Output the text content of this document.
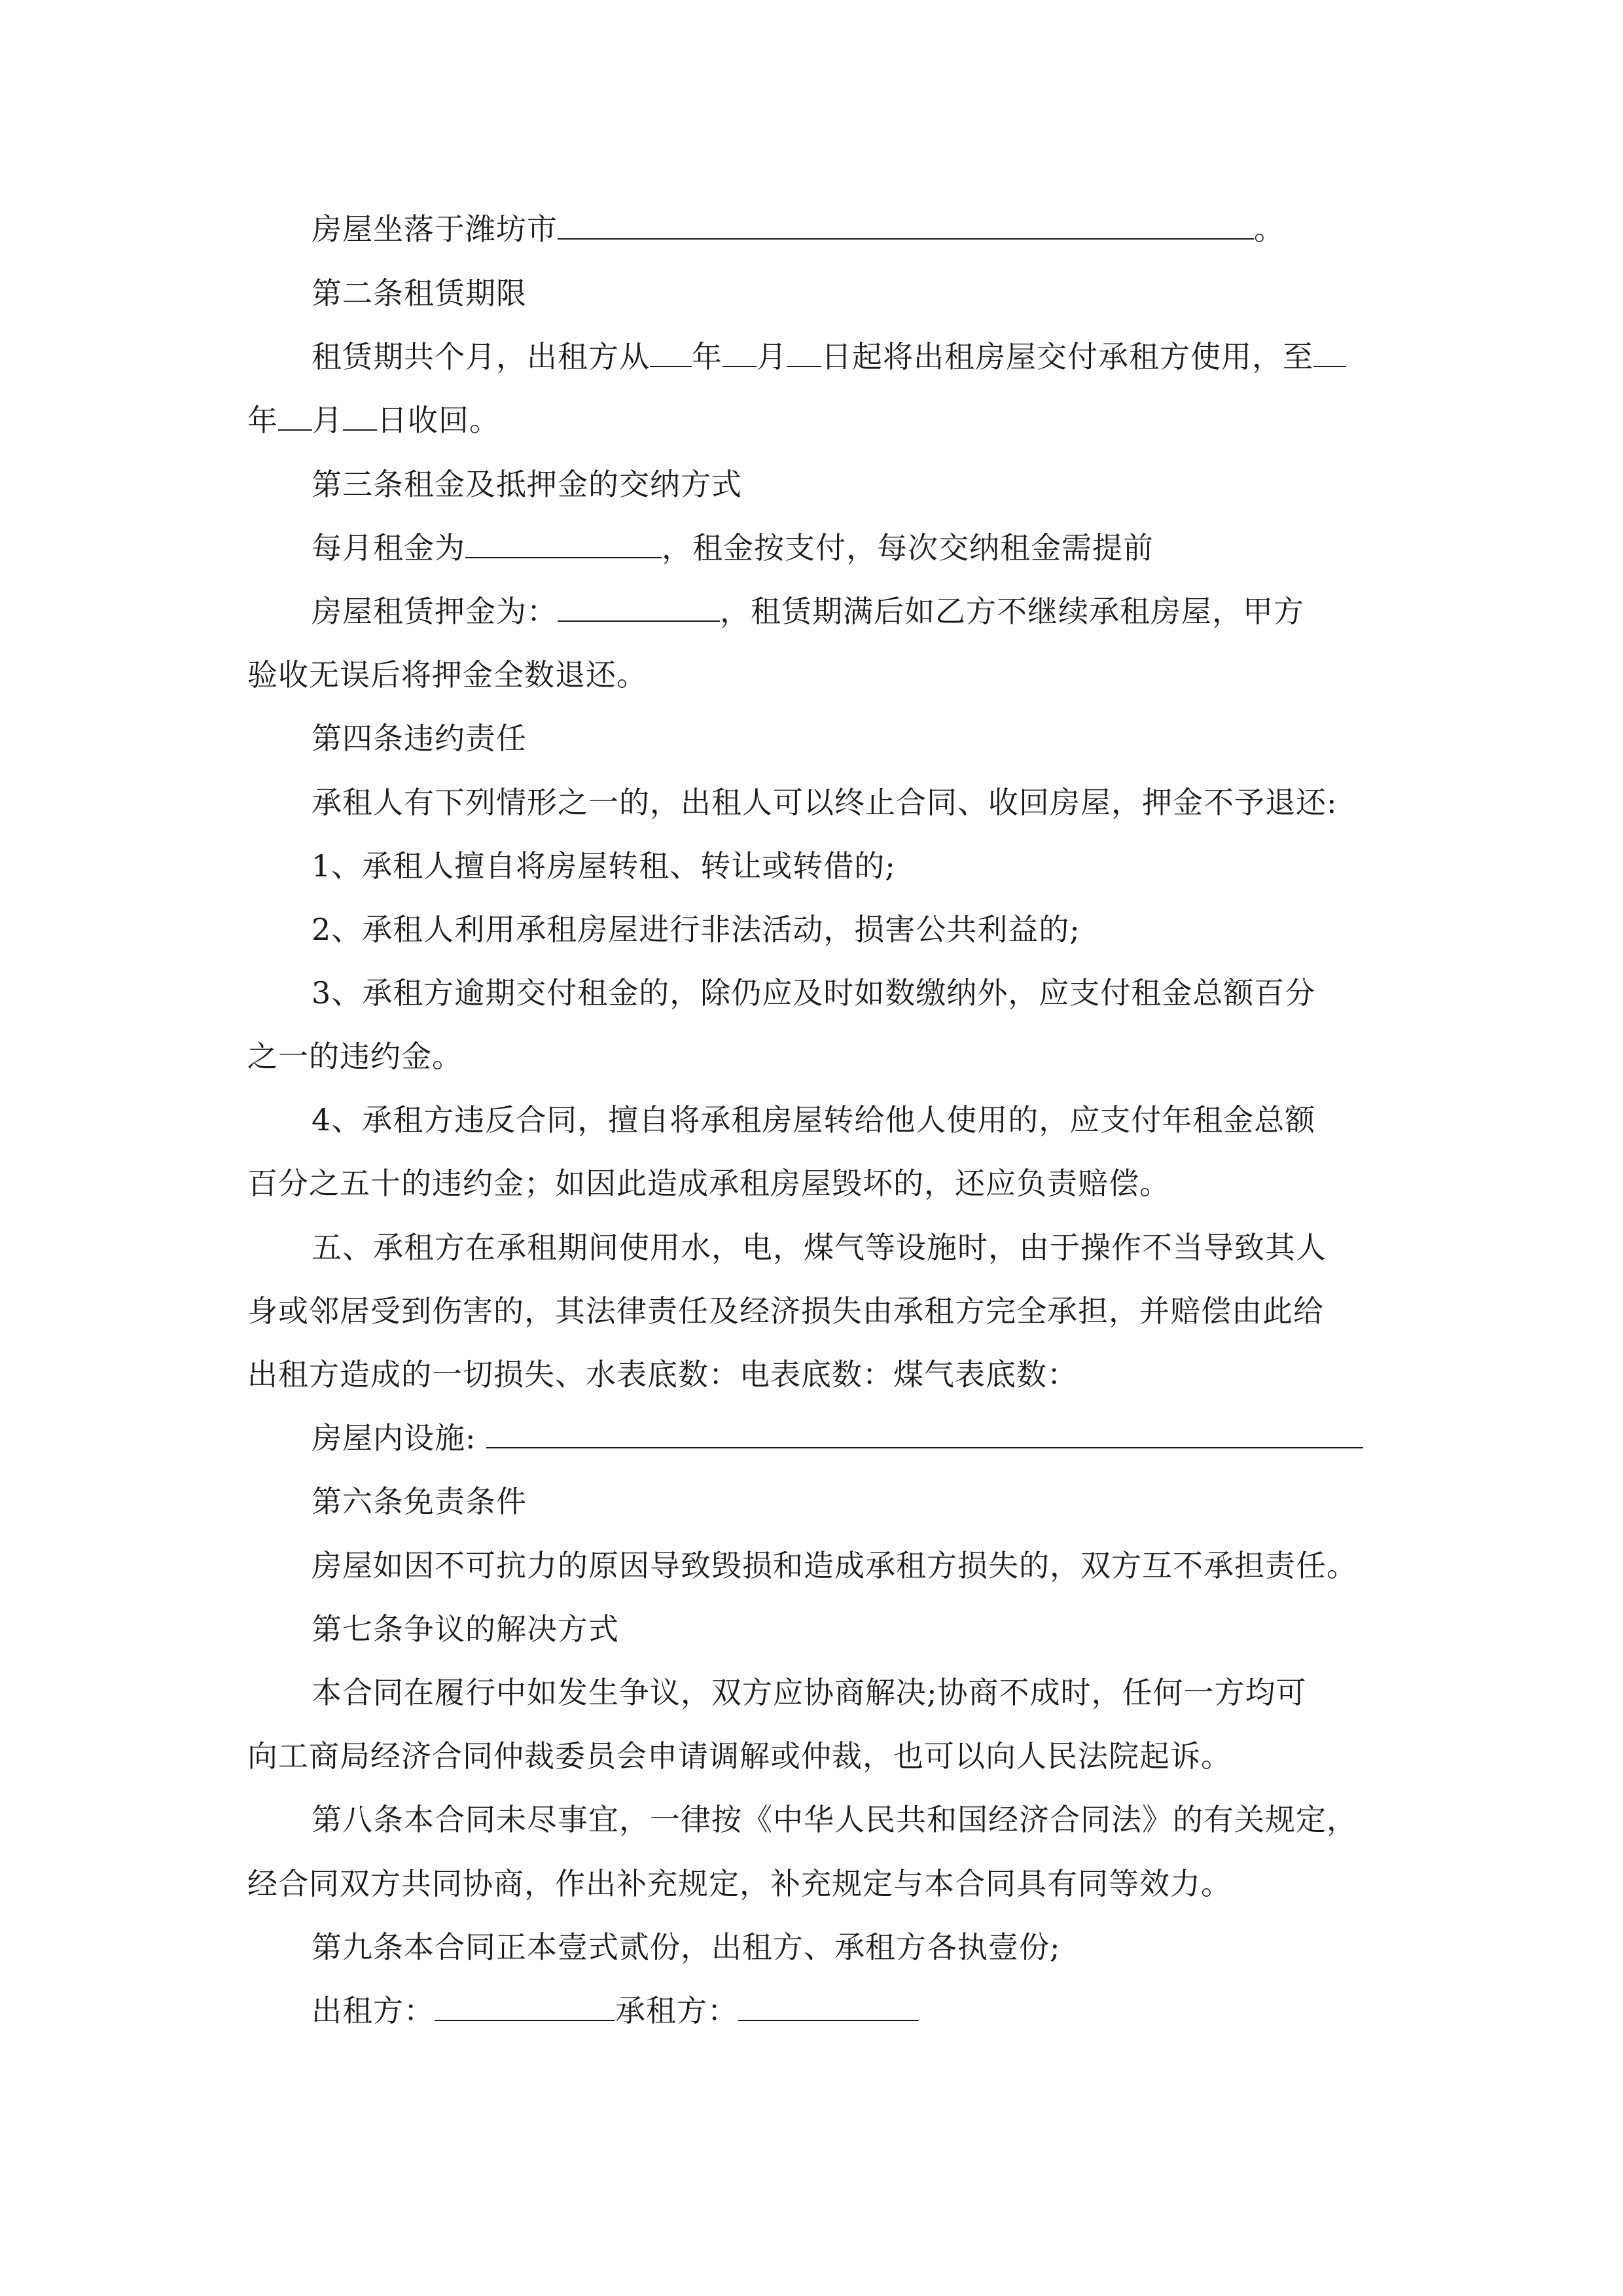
房屋坐落于潍坊市	。
第二条租赁期限
租赁期共个月，出租方从 年 月 日起将出租房屋交付承租方使用，至
年 月 日收回。
第三条租金及抵押金的交纳方式
每月租金为	，租金按支付，每次交纳租金需提前
房屋租赁押金为：	，租赁期满后如乙方不继续承租房屋，甲方
验收无误后将押金全数退还。
第四条违约责任
承租人有下列情形之一的，出租人可以终止合同、收回房屋，押金不予退还:
1、承租人擅自将房屋转租、转让或转借的;
2、承租人利用承租房屋进行非法活动，损害公共利益的;
3、承租方逾期交付租金的，除仍应及时如数缴纳外，应支付租金总额百分
之一的违约金。
4、承租方违反合同，擅自将承租房屋转给他人使用的，应支付年租金总额
百分之五十的违约金；如因此造成承租房屋毁坏的，还应负责赔偿。
五、承租方在承租期间使用水，电，煤气等设施时，由于操作不当导致其人
身或邻居受到伤害的，其法律责任及经济损失由承租方完全承担，并赔偿由此给
出租方造成的一切损失、水表底数：电表底数：煤气表底数：
房屋内设施:
第六条免责条件
房屋如因不可抗力的原因导致毁损和造成承租方损失的，双方互不承担责任。
第七条争议的解决方式
本合同在履行中如发生争议，双方应协商解决;协商不成时，任何一方均可
向工商局经济合同仲裁委员会申请调解或仲裁，也可以向人民法院起诉。
第八条本合同未尽事宜，一律按《中华人民共和国经济合同法》的有关规定，
经合同双方共同协商，作出补充规定，补充规定与本合同具有同等效力。
第九条本合同正本壹式贰份，出租方、承租方各执壹份;
出租方：	承租方：
